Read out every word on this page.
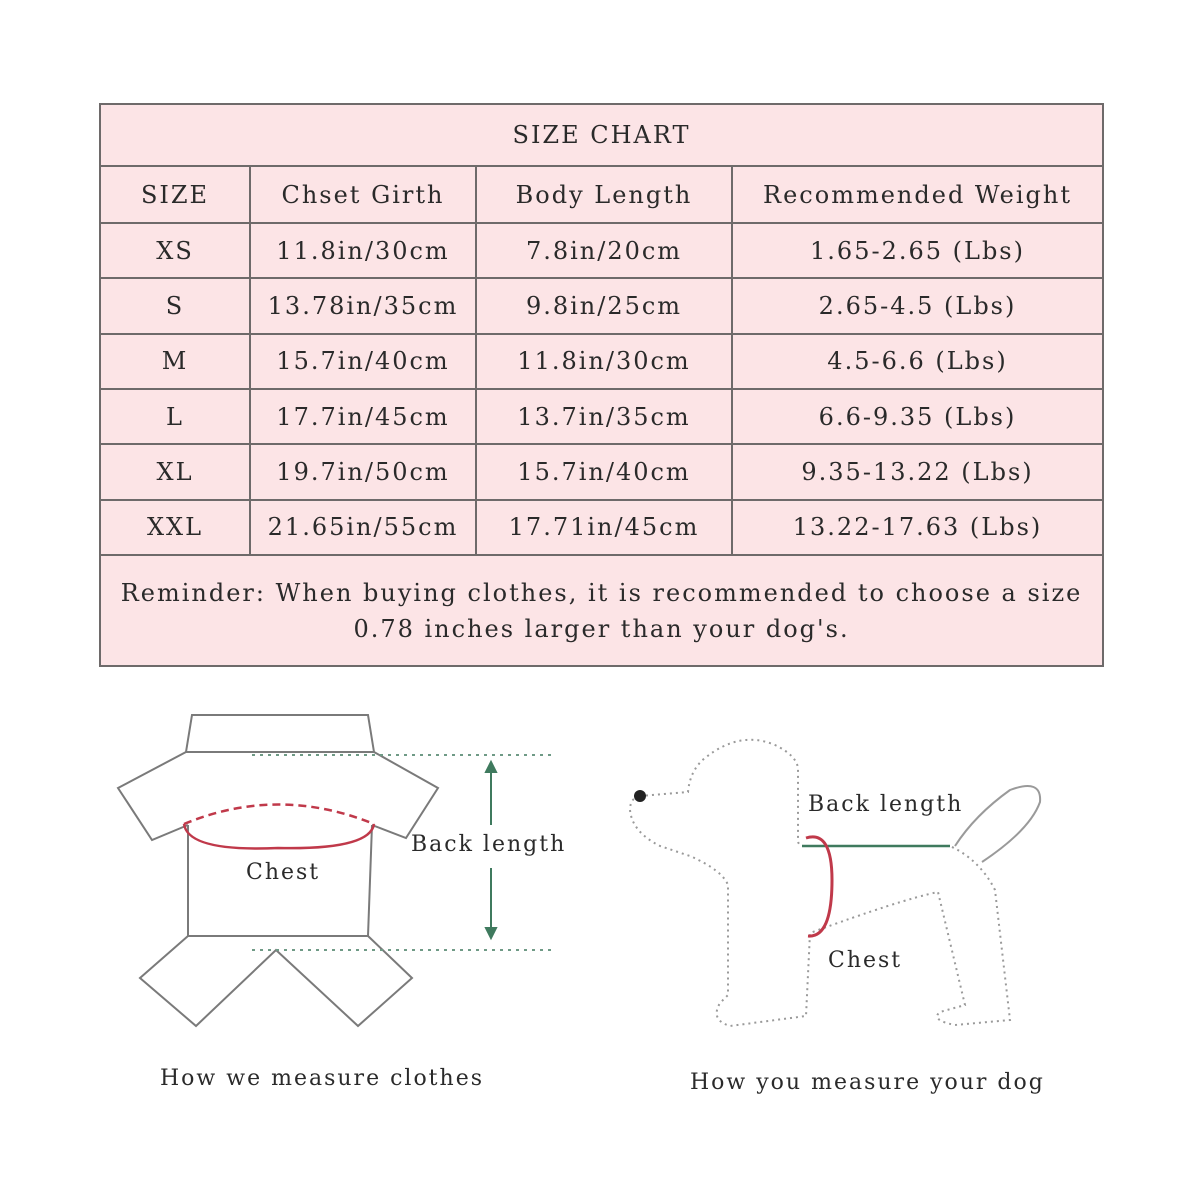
SIZE CHART			
SIZE	Chset Girth	Body Length	Recommended Weight
XS	11.8in/30cm	7.8in/20cm	1.65-2.65 (Lbs)
S	13.78in/35cm	9.8in/25cm	2.65-4.5 (Lbs)
M	15.7in/40cm	11.8in/30cm	4.5-6.6 (Lbs)
L	17.7in/45cm	13.7in/35cm	6.6-9.35 (Lbs)
XL	19.7in/50cm	15.7in/40cm	9.35-13.22 (Lbs)
XXL	21.65in/55cm	17.71in/45cm	13.22-17.63 (Lbs)
Reminder: When buying clothes, it is recommended to choose a size 0.78 inches larger than your dog's.			
Chest
Back length
How we measure clothes
Back length
Chest
How you measure your dog
